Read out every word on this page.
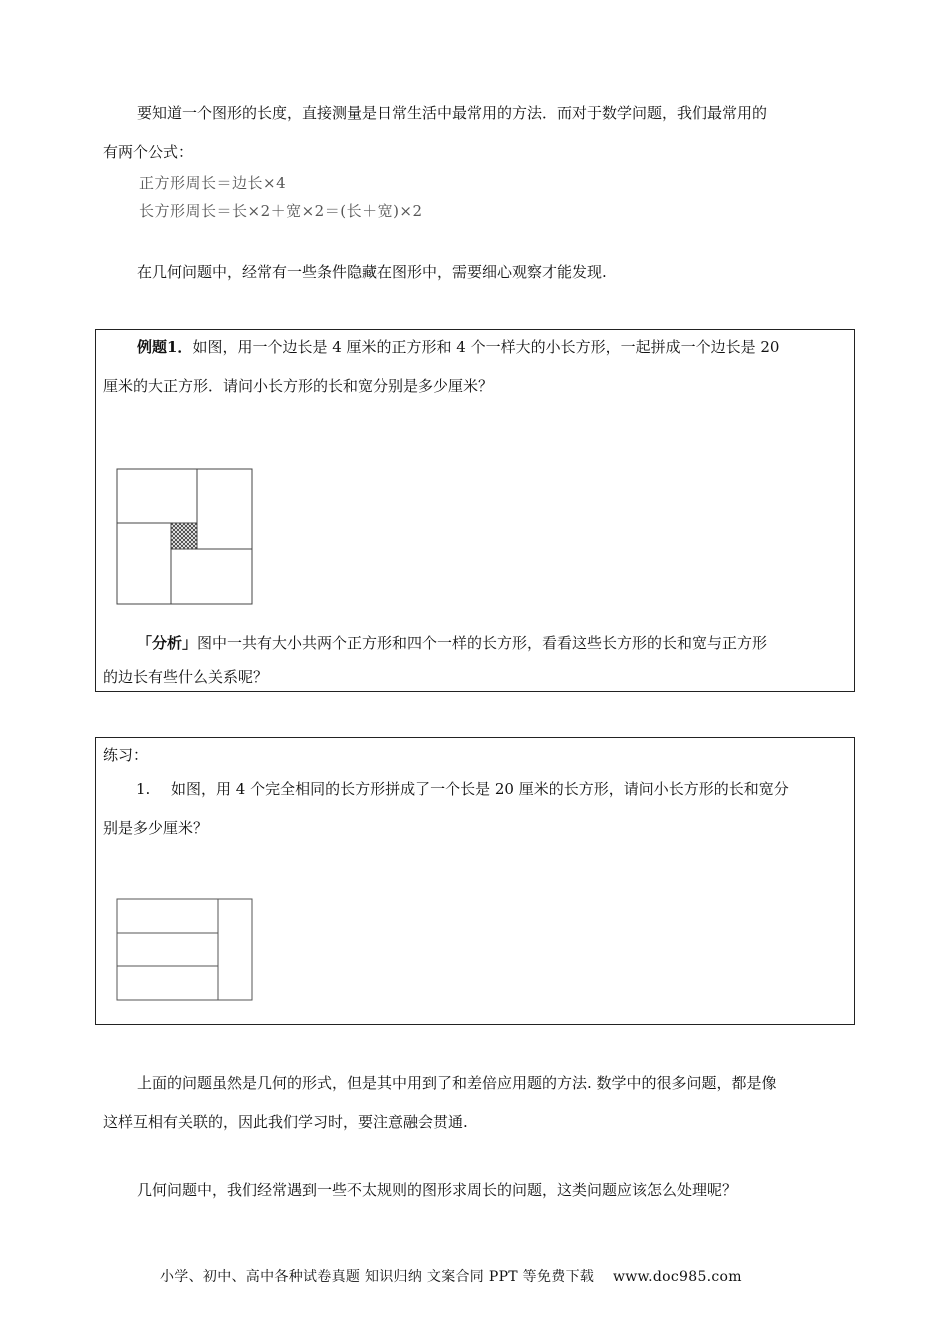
要知道一个图形的长度，直接测量是日常生活中最常用的方法．而对于数学问题，我们最常用的
有两个公式：
正方形周长＝边长×4
长方形周长＝长×2＋宽×2＝(长＋宽)×2
在几何问题中，经常有一些条件隐藏在图形中，需要细心观察才能发现.
例题1．如图，用一个边长是 4 厘米的正方形和 4 个一样大的小长方形，一起拼成一个边长是 20
厘米的大正方形．请问小长方形的长和宽分别是多少厘米？
「分析」图中一共有大小共两个正方形和四个一样的长方形，看看这些长方形的长和宽与正方形
的边长有些什么关系呢？
练习：
1. 如图，用 4 个完全相同的长方形拼成了一个长是 20 厘米的长方形，请问小长方形的长和宽分
别是多少厘米？
上面的问题虽然是几何的形式，但是其中用到了和差倍应用题的方法. 数学中的很多问题，都是像
这样互相有关联的，因此我们学习时，要注意融会贯通.
几何问题中，我们经常遇到一些不太规则的图形求周长的问题，这类问题应该怎么处理呢？
小学、初中、高中各种试卷真题 知识归纳 文案合同 PPT 等免费下载 www.doc985.com
